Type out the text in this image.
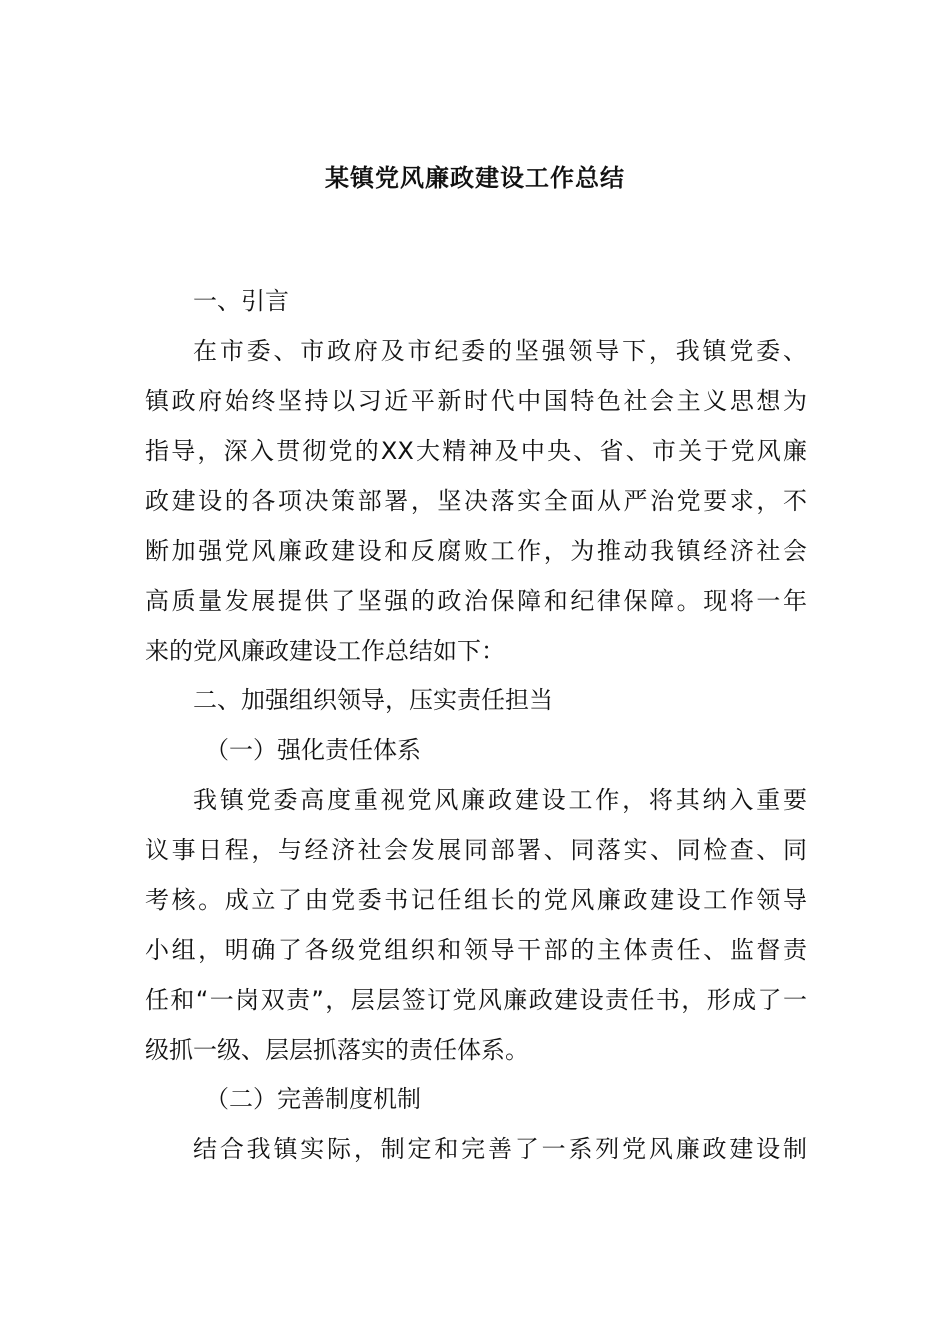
某镇党风廉政建设工作总结
一、引言
在市委、市政府及市纪委的坚强领导下，我镇党委、
镇政府始终坚持以习近平新时代中国特色社会主义思想为
指导，深入贯彻党的XX大精神及中央、省、市关于党风廉
政建设的各项决策部署，坚决落实全面从严治党要求，不
断加强党风廉政建设和反腐败工作，为推动我镇经济社会
高质量发展提供了坚强的政治保障和纪律保障。现将一年
来的党风廉政建设工作总结如下：
二、加强组织领导，压实责任担当
（一）强化责任体系
我镇党委高度重视党风廉政建设工作，将其纳入重要
议事日程，与经济社会发展同部署、同落实、同检查、同
考核。成立了由党委书记任组长的党风廉政建设工作领导
小组，明确了各级党组织和领导干部的主体责任、监督责
任和“一岗双责”，层层签订党风廉政建设责任书，形成了一
级抓一级、层层抓落实的责任体系。
（二）完善制度机制
结合我镇实际，制定和完善了一系列党风廉政建设制
